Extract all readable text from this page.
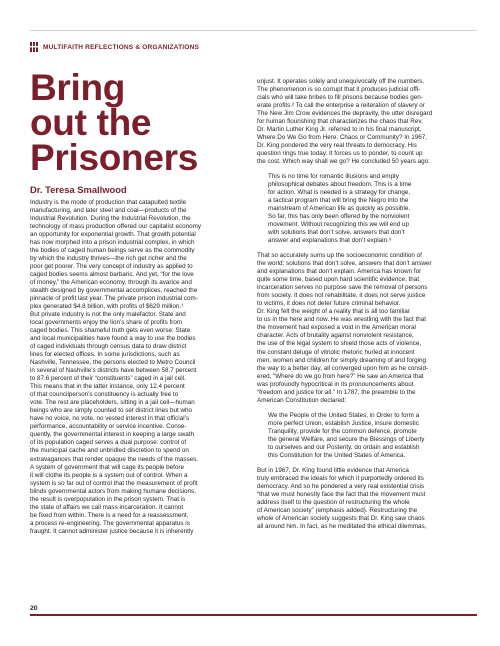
MULTIFAITH REFLECTIONS & ORGANIZATIONS
Bring
out the
Prisoners

Dr. Teresa Smallwood

Industry is the mode of production that catapulted textile
manufacturing, and later steel and coal—products of the
Industrial Revolution. During the Industrial Revolution, the
technology of mass production offered our capitalist economy
an opportunity for exponential growth. That growth potential
has now morphed into a prison industrial complex, in which
the bodies of caged human beings serve as the commodity
by which the industry thrives—the rich get richer and the
poor get poorer. The very concept of industry as applied to
caged bodies seems almost barbaric. And yet, “for the love
of money,” the American economy, through its avarice and
stealth designed by governmental accomplices, reached the
pinnacle of profit last year. The private prison industrial com-
plex generated $4.8 billion, with profits of $629 million.¹
But private industry is not the only malefactor. State and
local governments enjoy the lion’s share of profits from
caged bodies. This shameful truth gets even worse: State
and local municipalities have found a way to use the bodies
of caged individuals through census data to draw district
lines for elected offices. In some jurisdictions, such as
Nashville, Tennessee, the persons elected to Metro Council
in several of Nashville’s districts have between 58.7 percent
to 87.6 percent of their “constituents” caged in a jail cell.
This means that in the latter instance, only 12.4 percent
of that councilperson’s constituency is actually free to
vote. The rest are placeholders, sitting in a jail cell—human
beings who are simply counted to set district lines but who
have no voice, no vote, no vested interest in that official’s
performance, accountability or service incentive. Conse-
quently, the governmental interest in keeping a large swath
of its population caged serves a dual purpose: control of
the municipal cache and unbridled discretion to spend on
extravagances that render opaque the needs of the masses.
A system of government that will cage its people before
it will clothe its people is a system out of control. When a
system is so far out of control that the measurement of profit
blinds governmental actors from making humane decisions,
the result is overpopulation in the prison system. That is
the state of affairs we call mass incarceration. It cannot
be fixed from within. There is a need for a reassessment,
a process re-engineering. The governmental apparatus is
fraught. It cannot administer justice because it is inherently
unjust. It operates solely and unequivocally off the numbers.
The phenomenon is so corrupt that it produces judicial offi-
cials who will take bribes to fill prisons because bodies gen-
erate profits.² To call the enterprise a reiteration of slavery or
The New Jim Crow evidences the depravity, the utter disregard
for human flourishing that characterizes the chaos that Rev.
Dr. Martin Luther King Jr. referred to in his final manuscript,
Where Do We Go from Here: Chaos or Community? In 1967,
Dr. King pondered the very real threats to democracy. His
question rings true today. It forces us to ponder, to count up
the cost. Which way shall we go? He concluded 50 years ago:
This is no time for romantic illusions and empty
philosophical debates about freedom. This is a time
for action. What is needed is a strategy for change,
a tactical program that will bring the Negro into the
mainstream of American life as quickly as possible.
So far, this has only been offered by the nonviolent
movement. Without recognizing this we will end up
with solutions that don’t solve, answers that don’t
answer and explanations that don’t explain.³
That so accurately sums up the socioeconomic condition of
the world: solutions that don’t solve, answers that don’t answer
and explanations that don’t explain. America has known for
quite some time, based upon hard scientific evidence, that
incarceration serves no purpose save the removal of persons
from society. It does not rehabilitate, it does not serve justice
to victims, it does not deter future criminal behavior.
Dr. King felt the weight of a reality that is all too familiar
to us in the here and now. He was wrestling with the fact that
the movement had exposed a void in the American moral
character. Acts of brutality against nonviolent resistance,
the use of the legal system to shield those acts of violence,
the constant deluge of vitriolic rhetoric hurled at innocent
men, women and children for simply dreaming of and forging
the way to a better day, all converged upon him as he consid-
ered, “Where do we go from here?” He saw an America that
was profoundly hypocritical in its pronouncements about
“freedom and justice for all.” In 1787, the preamble to the
American Constitution declared:
We the People of the United States, in Order to form a
more perfect Union, establish Justice, insure domestic
Tranquility, provide for the common defence, promote
the general Welfare, and secure the Blessings of Liberty
to ourselves and our Posterity, do ordain and establish
this Constitution for the United States of America.
But in 1967, Dr. King found little evidence that America
truly embraced the ideals for which it purportedly ordered its
democracy. And so he pondered a very real existential crisis
“that we must honestly face the fact that the movement must
address itself to the question of restructuring the whole
of American society” (emphasis added). Restructuring the
whole of American society suggests that Dr. King saw chaos
all around him. In fact, as he meditated the ethical dilemmas,
20
